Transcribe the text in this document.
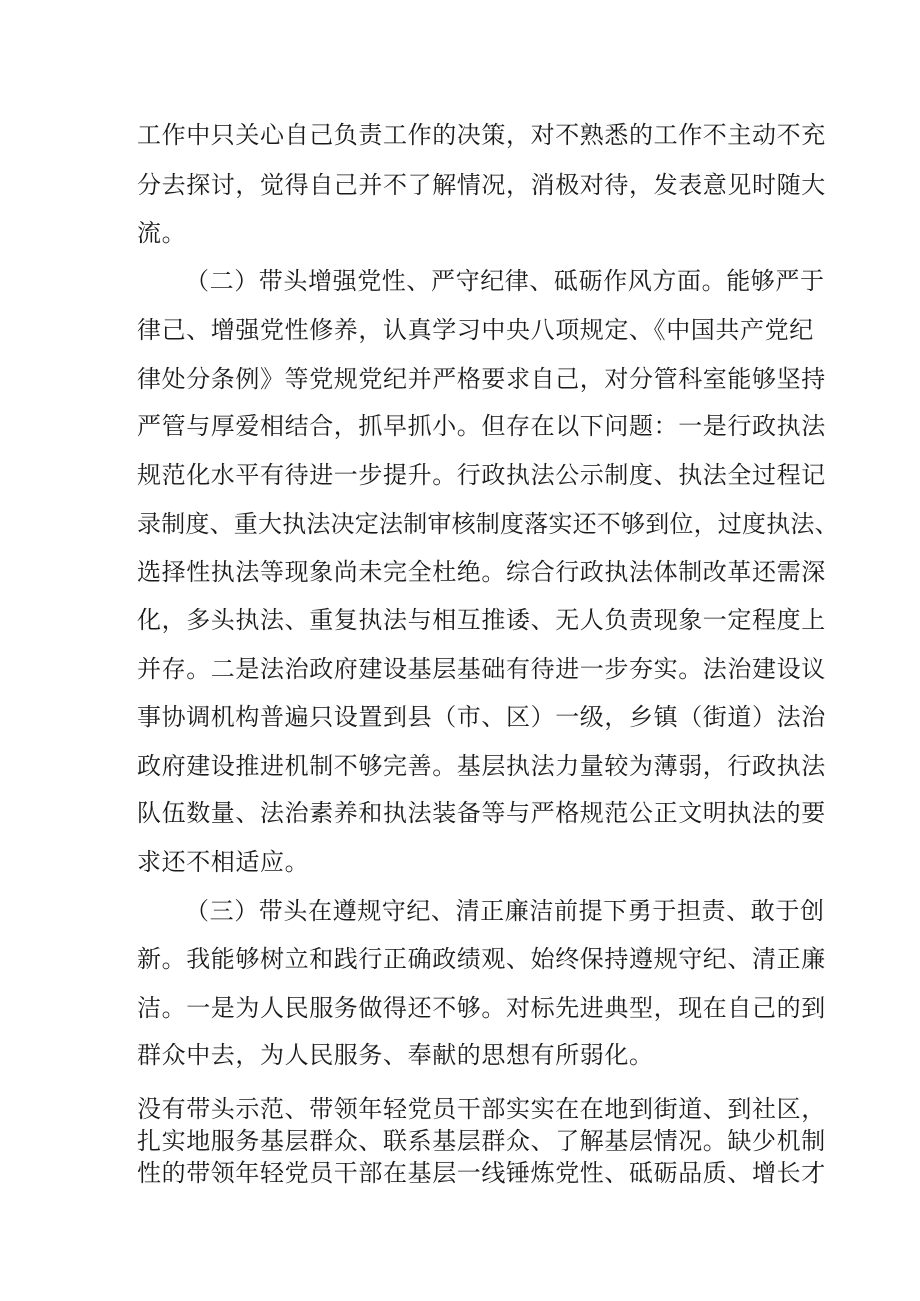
工作中只关心自己负责工作的决策，对不熟悉的工作不主动不充
分去探讨，觉得自己并不了解情况，消极对待，发表意见时随大
流。
（二）带头增强党性、严守纪律、砥砺作风方面。能够严于
律己、增强党性修养，认真学习中央八项规定、《中国共产党纪
律处分条例》等党规党纪并严格要求自己，对分管科室能够坚持
严管与厚爱相结合，抓早抓小。但存在以下问题：一是行政执法
规范化水平有待进一步提升。行政执法公示制度、执法全过程记
录制度、重大执法决定法制审核制度落实还不够到位，过度执法、
选择性执法等现象尚未完全杜绝。综合行政执法体制改革还需深
化，多头执法、重复执法与相互推诿、无人负责现象一定程度上
并存。二是法治政府建设基层基础有待进一步夯实。法治建设议
事协调机构普遍只设置到县（市、区）一级，乡镇（街道）法治
政府建设推进机制不够完善。基层执法力量较为薄弱，行政执法
队伍数量、法治素养和执法装备等与严格规范公正文明执法的要
求还不相适应。
（三）带头在遵规守纪、清正廉洁前提下勇于担责、敢于创
新。我能够树立和践行正确政绩观、始终保持遵规守纪、清正廉
洁。一是为人民服务做得还不够。对标先进典型，现在自己的到
群众中去，为人民服务、奉献的思想有所弱化。
没有带头示范、带领年轻党员干部实实在在地到街道、到社区，
扎实地服务基层群众、联系基层群众、了解基层情况。缺少机制
性的带领年轻党员干部在基层一线锤炼党性、砥砺品质、增长才
